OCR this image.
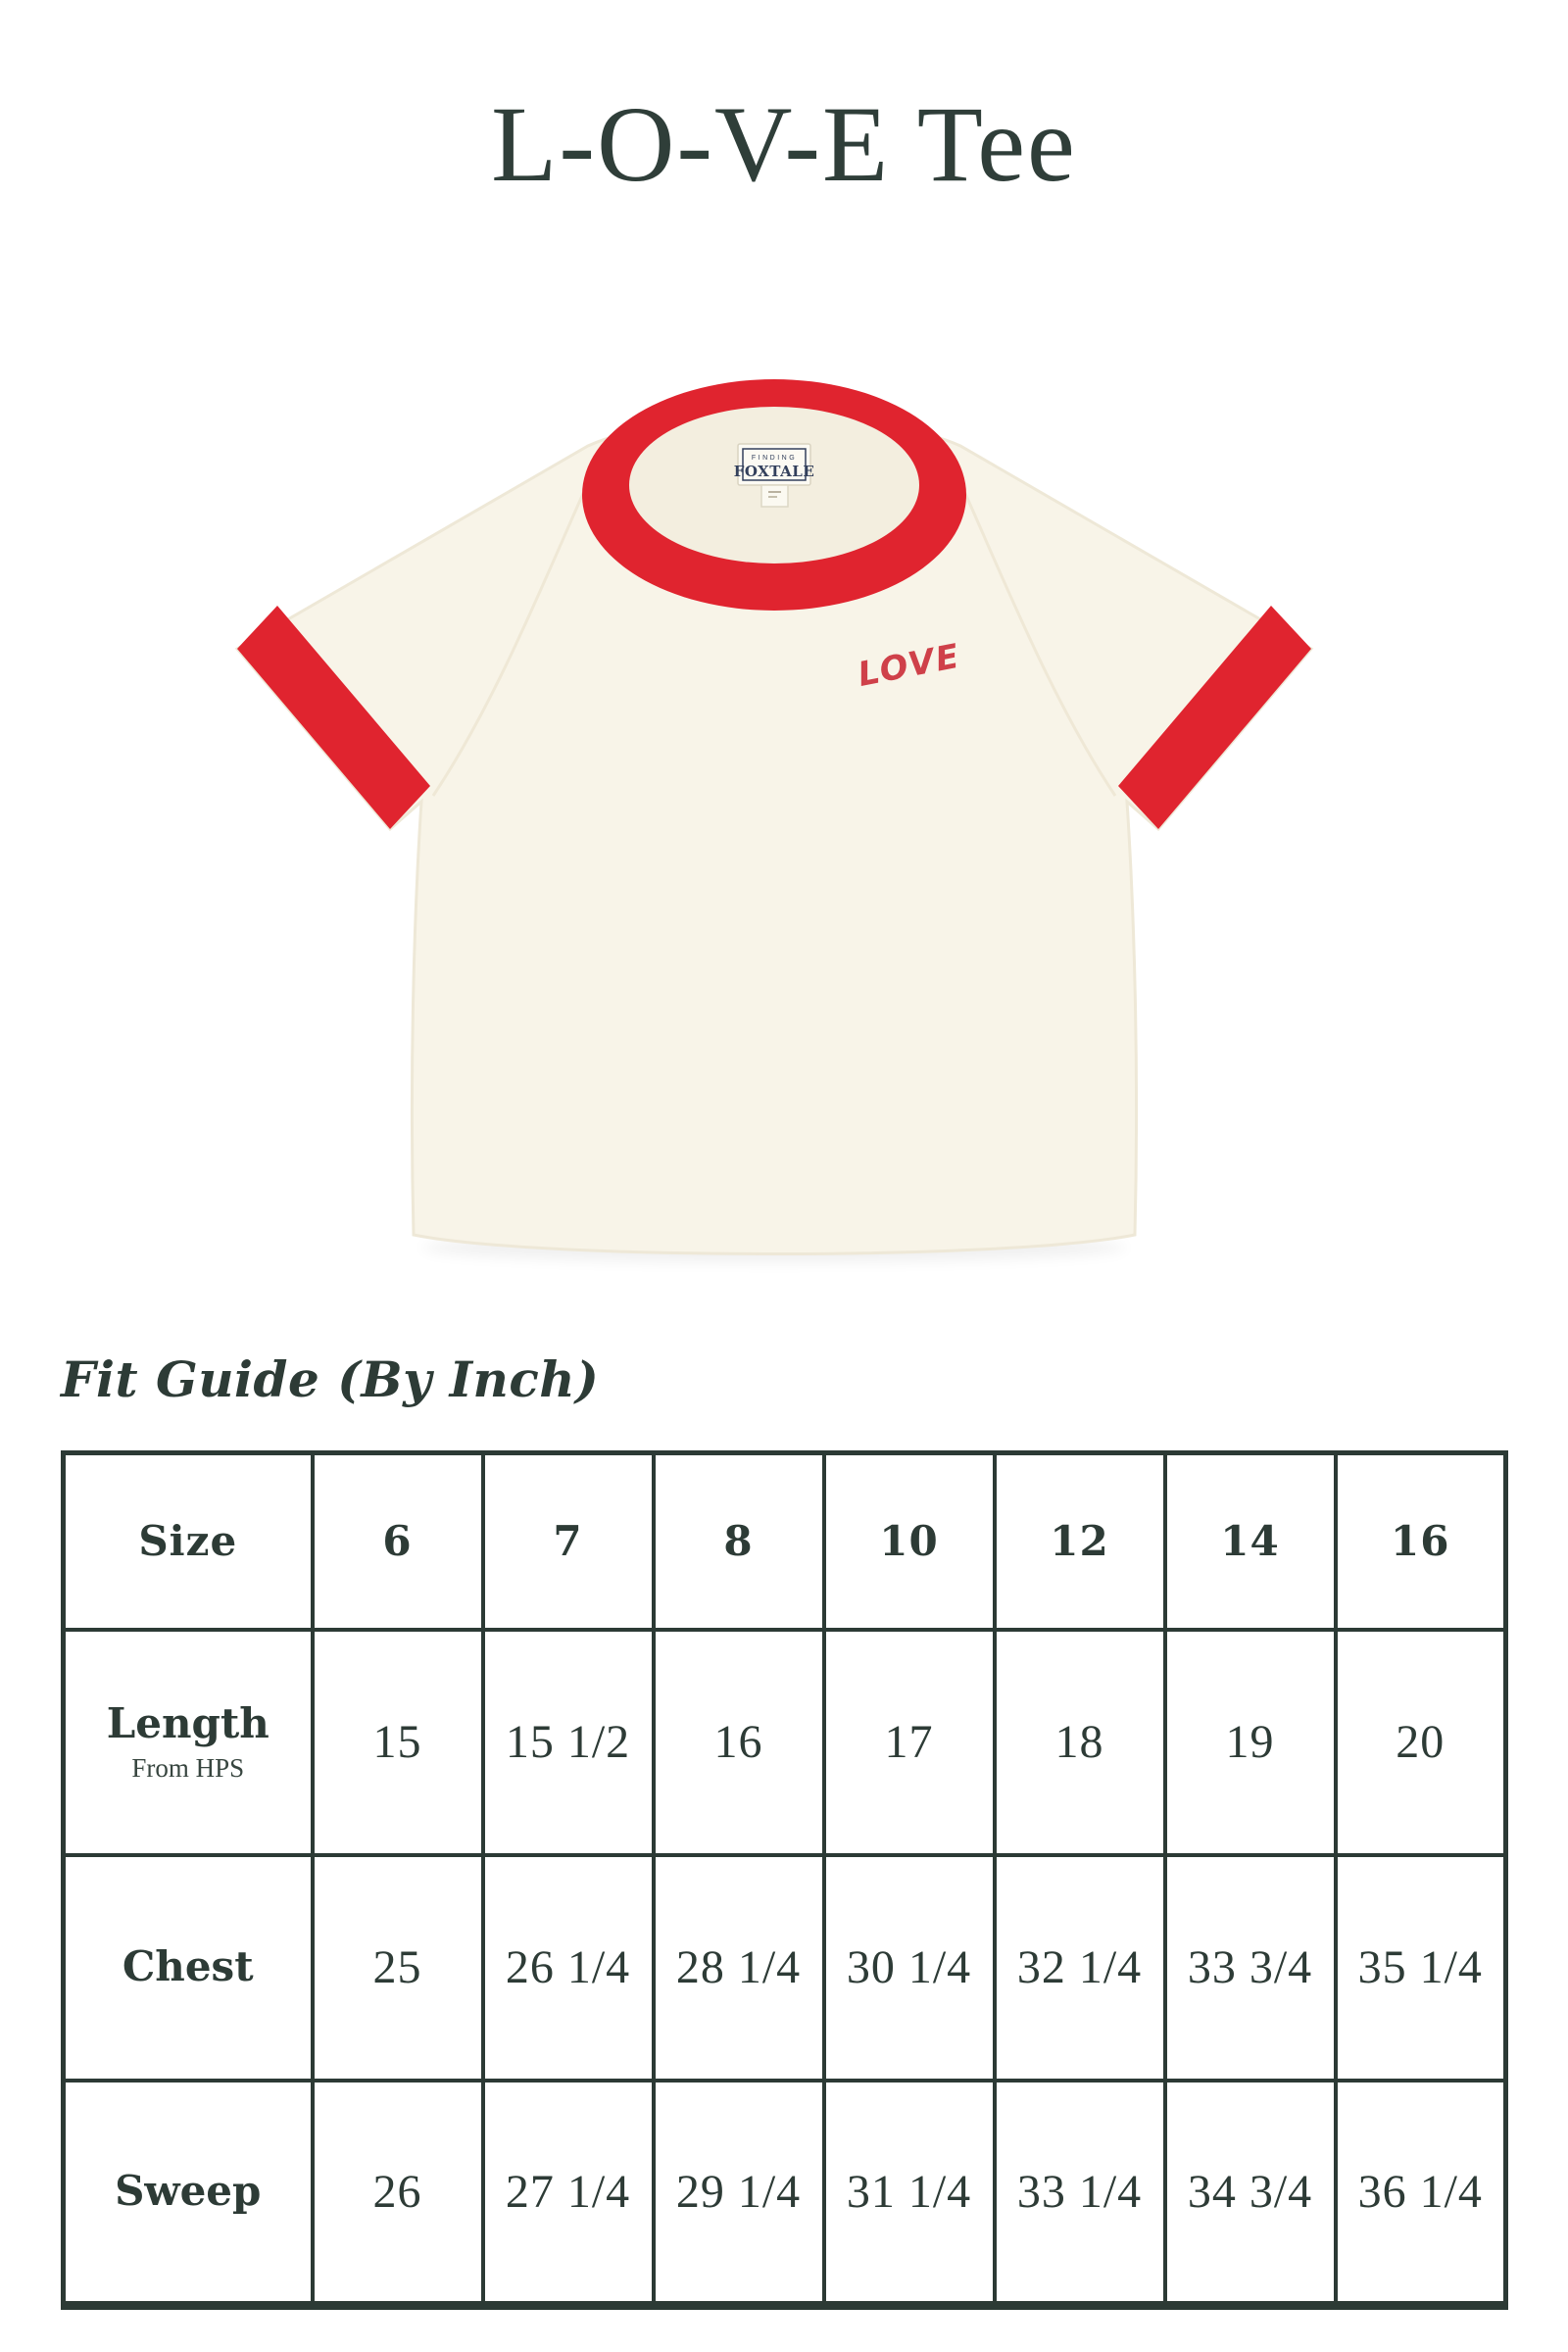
L-O-V-E Tee
FINDING
FOXTALE
LOVE
Fit Guide (By Inch)
Size	6	7	8	10	12	14	16

Length
From HPS	15	15 1/2	16	17	18	19	20

Chest	25	26 1/4	28 1/4	30 1/4	32 1/4	33 3/4	35 1/4

Sweep	26	27 1/4	29 1/4	31 1/4	33 1/4	34 3/4	36 1/4
